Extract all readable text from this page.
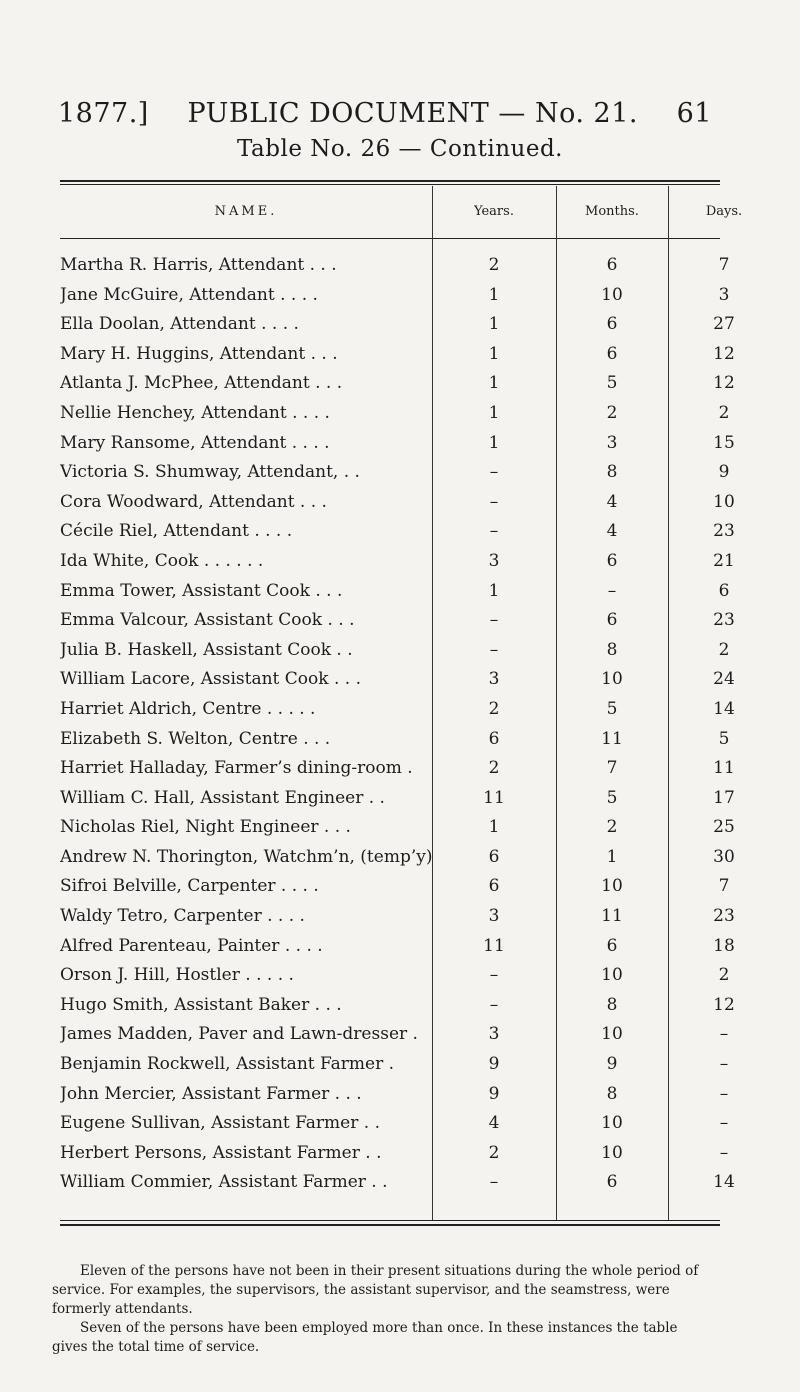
1877.] PUBLIC DOCUMENT — No. 21. 61
Table No. 26 — Continued.
NAME.	Years.	Months.	Days.
Martha R. Harris, Attendant . . .	2	6	7
Jane McGuire, Attendant . . . .	1	10	3
Ella Doolan, Attendant . . . .	1	6	27
Mary H. Huggins, Attendant . . .	1	6	12
Atlanta J. McPhee, Attendant . . .	1	5	12
Nellie Henchey, Attendant . . . .	1	2	2
Mary Ransome, Attendant . . . .	1	3	15
Victoria S. Shumway, Attendant, . .	–	8	9
Cora Woodward, Attendant . . .	–	4	10
Cécile Riel, Attendant . . . .	–	4	23
Ida White, Cook . . . . . .	3	6	21
Emma Tower, Assistant Cook . . .	1	–	6
Emma Valcour, Assistant Cook . . .	–	6	23
Julia B. Haskell, Assistant Cook . .	–	8	2
William Lacore, Assistant Cook . . .	3	10	24
Harriet Aldrich, Centre . . . . .	2	5	14
Elizabeth S. Welton, Centre . . .	6	11	5
Harriet Halladay, Farmer’s dining-room .	2	7	11
William C. Hall, Assistant Engineer . .	11	5	17
Nicholas Riel, Night Engineer . . .	1	2	25
Andrew N. Thorington, Watchm’n, (temp’y)	6	1	30
Sifroi Belville, Carpenter . . . .	6	10	7
Waldy Tetro, Carpenter . . . .	3	11	23
Alfred Parenteau, Painter . . . .	11	6	18
Orson J. Hill, Hostler . . . . .	–	10	2
Hugo Smith, Assistant Baker . . .	–	8	12
James Madden, Paver and Lawn-dresser .	3	10	–
Benjamin Rockwell, Assistant Farmer .	9	9	–
John Mercier, Assistant Farmer . . .	9	8	–
Eugene Sullivan, Assistant Farmer . .	4	10	–
Herbert Persons, Assistant Farmer . .	2	10	–
William Commier, Assistant Farmer . .	–	6	14

Eleven of the persons have not been in their present situations during the whole period of service. For examples, the supervisors, the assistant supervisor, and the seamstress, were formerly attendants.

Seven of the persons have been employed more than once. In these instances the table gives the total time of service.
